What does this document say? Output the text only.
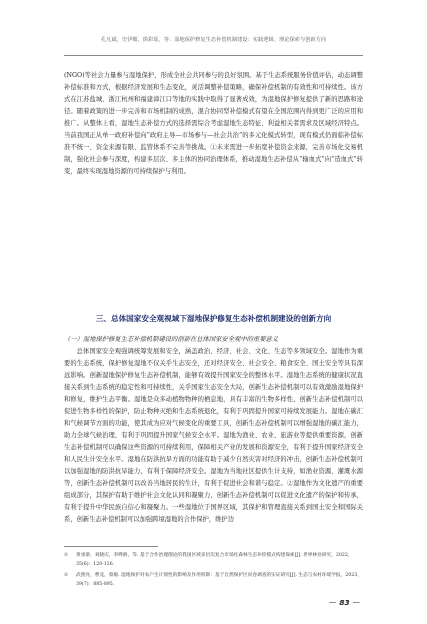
孔凡斌，史伊媚，徐彩瑶，等：湿地保护修复生态补偿机制建设：实践逻辑、理论探索与创新方向

(NGO)等社会力量参与湿地保护，形成全社会共同参与的良好氛围。基于生态系统服务价值评估，动态调整补偿标准和方式，根据经济发展和生态变化，灵活调整补偿策略，确保补偿机制的有效性和可持续性。该方式在江苏盐城、浙江杭州和福建漳江口等地的实践中取得了显著成效，为湿地保护修复提供了新的思路和途径。随着政策的进一步完善和市场机制的成熟，混合协同型补偿模式有望在全国范围内得到更广泛的应用和推广。从整体上看，湿地生态补偿方式的选择需综合考虑湿地生态特征、利益相关者需求及区域经济特点。当前我国正从单一政府补偿向“政府主导—市场参与—社会共治”的多元化模式转型，现有模式仍面临补偿标准不统一、资金来源有限、监管体系不完善等挑战。①未来需进一步拓宽补偿资金来源，完善市场化交易机制，强化社会参与深度，构建多层次、多主体的协同治理体系，推动湿地生态补偿从“输血式”向“造血式”转变，最终实现湿地资源的可持续保护与利用。

三、总体国家安全观视域下湿地保护修复生态补偿机制建设的创新方向

（一）湿地保护修复生态补偿机制建设的创新在总体国家安全观中的重要意义

总体国家安全观强调统筹发展和安全，涵盖政治、经济、社会、文化、生态等多领域安全。湿地作为重要的生态系统，保护修复湿地不仅关乎生态安全，还对经济安全、社会安全、粮食安全、国土安全等具有深远影响。创新湿地保护修复生态补偿机制，能够有效提升国家安全的整体水平。湿地生态系统的健康状况直接关系到生态系统的稳定性和可持续性，关乎国家生态安全大局，创新生态补偿机制可以有效激励湿地保护和修复，维护生态平衡。湿地是众多动植物物种的栖息地，具有丰富的生物多样性，创新生态补偿机制可以促进生物多样性的保护，防止物种灭绝和生态系统退化，有利于巩固提升国家可持续发展能力。湿地在碳汇和气候调节方面的功能，使其成为应对气候变化的重要工具，创新生态补偿机制可以增强湿地的碳汇能力，助力全球气候治理，有利于巩固提升国家气候安全水平。湿地为渔业、农业、旅游业等提供重要资源，创新生态补偿机制可以确保这些资源的可持续利用，保障相关产业的发展和资源安全，有利于提升国家经济安全和人民生计安全水平。湿地在防洪抗旱方面的功能有助于减少自然灾害对经济的冲击，创新生态补偿机制可以加强湿地的防洪抗旱能力，有利于保障经济安全。湿地为当地社区提供生计支持，如渔业资源、灌溉水源等，创新生态补偿机制可以改善当地居民的生计，有利于促进社会和谐与稳定。②湿地作为文化遗产的重要组成部分，其保护有助于维护社会文化认同和凝聚力，创新生态补偿机制可以促进文化遗产的保护和传承，有利于提升中华民族自信心和凝聚力。一些湿地位于国界区域，其保护和管理直接关系到国土安全和国际关系，创新生态补偿机制可以加强跨境湿地的合作保护，维护边

①	黄承梁，刘晓庆，李晔鸥，等. 基于合作治理理论的我国区域多层次复合市场化森林生态补偿模式构建探索[J]. 世界林业研究，2022，35(6)：120-126.
②	武照亮，曹竞，蔡敏. 湿地保护对农户生计韧性的影响及作用机制：基于自然保护区问卷调查的实证研究[J]. 生态与农村环境学报，2023，39(7)：885-895.
— 83 —
